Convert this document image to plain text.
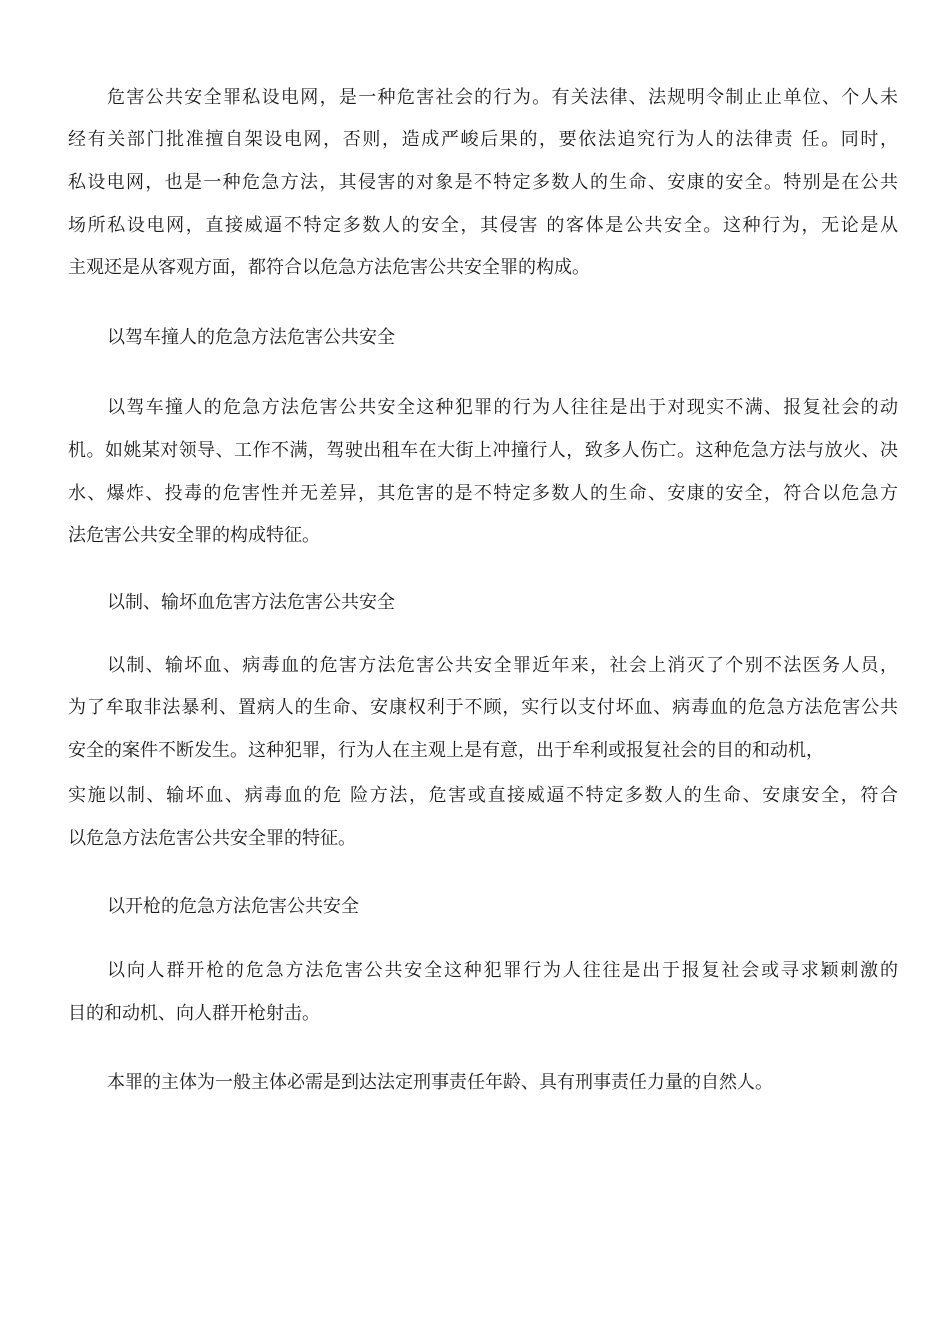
危害公共安全罪私设电网，是一种危害社会的行为。有关法律、法规明令制止止单位、个人未
经有关部门批准擅自架设电网，否则，造成严峻后果的，要依法追究行为人的法律责 任。同时，
私设电网，也是一种危急方法，其侵害的对象是不特定多数人的生命、安康的安全。特别是在公共
场所私设电网，直接威逼不特定多数人的安全，其侵害 的客体是公共安全。这种行为，无论是从
主观还是从客观方面，都符合以危急方法危害公共安全罪的构成。
以驾车撞人的危急方法危害公共安全
以驾车撞人的危急方法危害公共安全这种犯罪的行为人往往是出于对现实不满、报复社会的动
机。如姚某对领导、工作不满，驾驶出租车在大街上冲撞行人，致多人伤亡。这种危急方法与放火、决
水、爆炸、投毒的危害性并无差异，其危害的是不特定多数人的生命、安康的安全，符合以危急方
法危害公共安全罪的构成特征。
以制、输坏血危害方法危害公共安全
以制、输坏血、病毒血的危害方法危害公共安全罪近年来，社会上消灭了个别不法医务人员，
为了牟取非法暴利、置病人的生命、安康权利于不顾，实行以支付坏血、病毒血的危急方法危害公共
安全的案件不断发生。这种犯罪，行为人在主观上是有意，出于牟利或报复社会的目的和动机，
实施以制、输坏血、病毒血的危 险方法，危害或直接威逼不特定多数人的生命、安康安全，符合
以危急方法危害公共安全罪的特征。
以开枪的危急方法危害公共安全
以向人群开枪的危急方法危害公共安全这种犯罪行为人往往是出于报复社会或寻求颖刺激的
目的和动机、向人群开枪射击。
本罪的主体为一般主体必需是到达法定刑事责任年龄、具有刑事责任力量的自然人。
